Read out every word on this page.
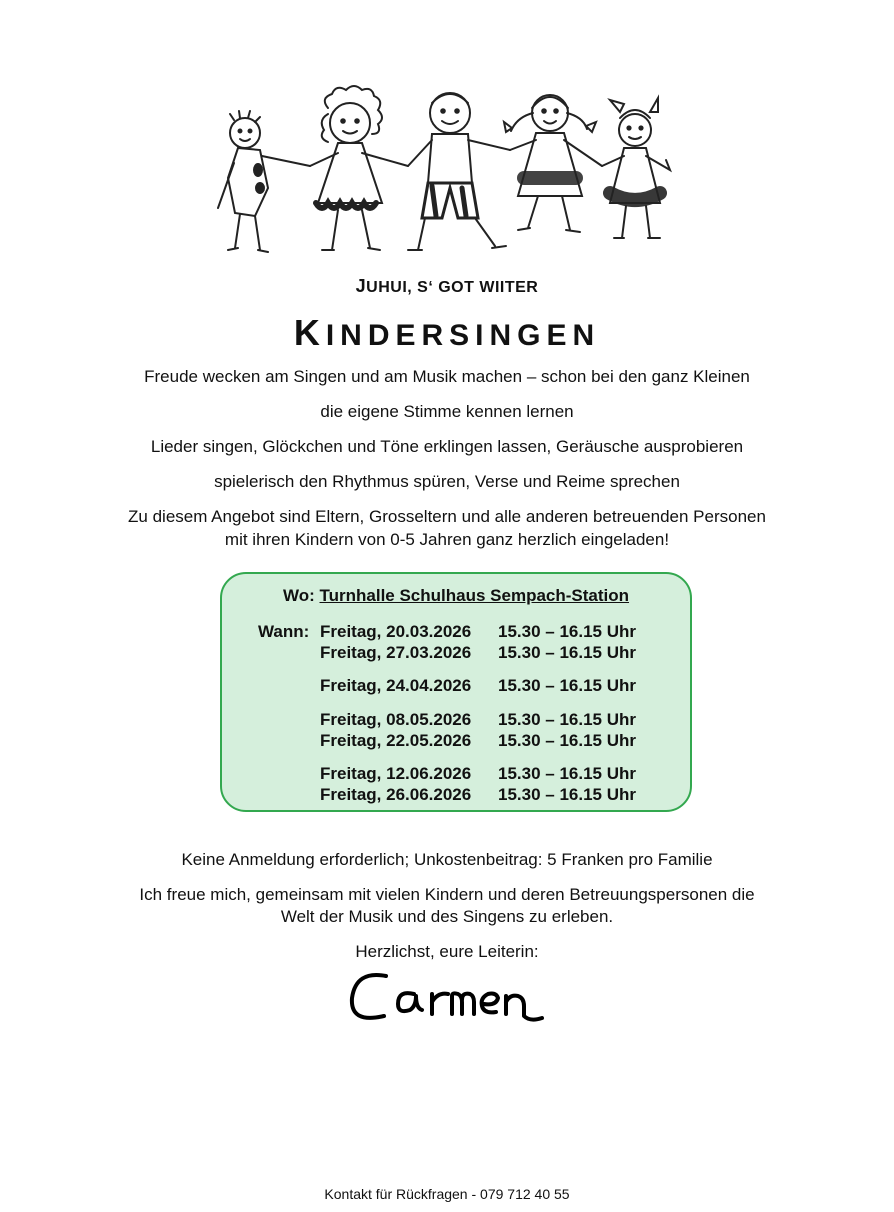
JUHUI, S‘ GOT WIITER
KINDERSINGEN
Freude wecken am Singen und am Musik machen – schon bei den ganz Kleinen
die eigene Stimme kennen lernen
Lieder singen, Glöckchen und Töne erklingen lassen, Geräusche ausprobieren
spielerisch den Rhythmus spüren, Verse und Reime sprechen
Zu diesem Angebot sind Eltern, Grosseltern und alle anderen betreuenden Personen
mit ihren Kindern von 0-5 Jahren ganz herzlich eingeladen!
Wo: Turnhalle Schulhaus Sempach-Station
Wann: Freitag, 20.03.2026 15.30 – 16.15 Uhr
Freitag, 27.03.2026 15.30 – 16.15 Uhr
Freitag, 24.04.2026 15.30 – 16.15 Uhr
Freitag, 08.05.2026 15.30 – 16.15 Uhr
Freitag, 22.05.2026 15.30 – 16.15 Uhr
Freitag, 12.06.2026 15.30 – 16.15 Uhr
Freitag, 26.06.2026 15.30 – 16.15 Uhr
Keine Anmeldung erforderlich; Unkostenbeitrag: 5 Franken pro Familie
Ich freue mich, gemeinsam mit vielen Kindern und deren Betreuungspersonen die
Welt der Musik und des Singens zu erleben.
Herzlichst, eure Leiterin:
Kontakt für Rückfragen - 079 712 40 55
